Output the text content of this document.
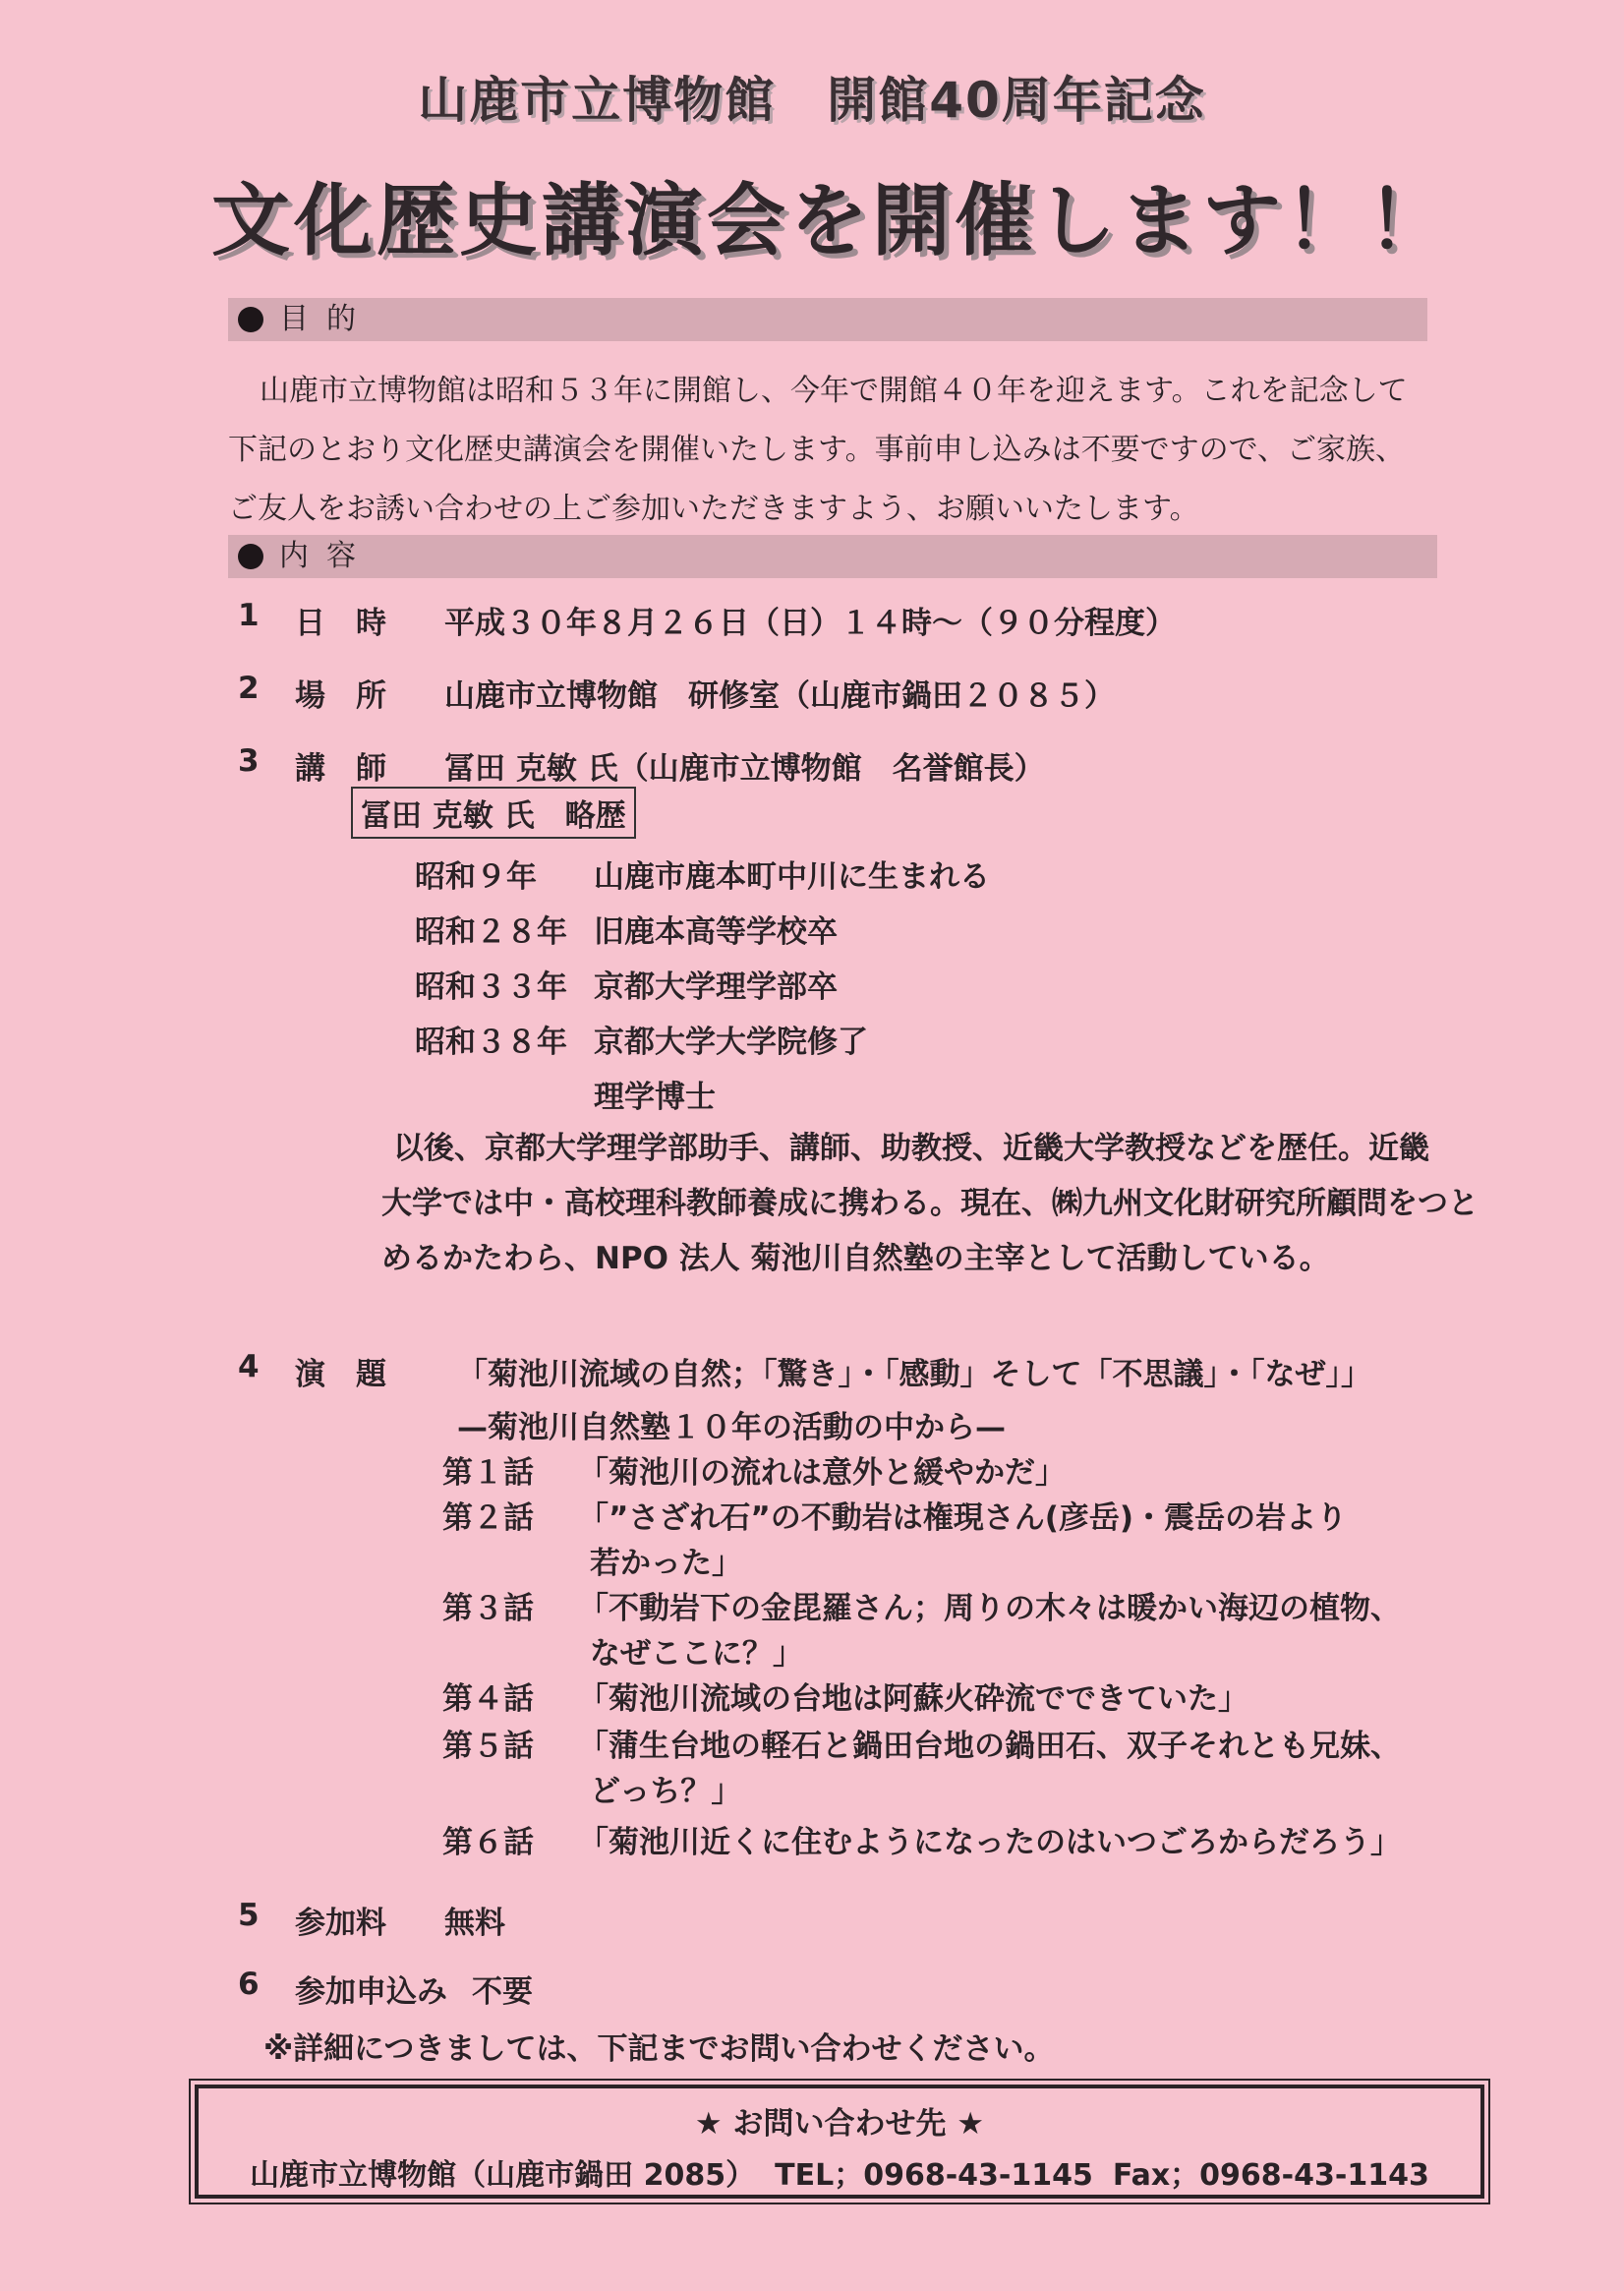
山鹿市立博物館　開館40周年記念
文化歴史講演会を開催します！！
目的
山鹿市立博物館は昭和５３年に開館し、今年で開館４０年を迎えます。これを記念して
下記のとおり文化歴史講演会を開催いたします。事前申し込みは不要ですので、ご家族、
ご友人をお誘い合わせの上ご参加いただきますよう、お願いいたします。
内容
1 日　時 平成３０年８月２６日（日）１４時～（９０分程度）
2 場　所 山鹿市立博物館　研修室（山鹿市鍋田２０８５）
3 講　師 冨田 克敏 氏（山鹿市立博物館　名誉館長）
冨田 克敏 氏　略歴
昭和９年 山鹿市鹿本町中川に生まれる
昭和２８年 旧鹿本高等学校卒
昭和３３年 京都大学理学部卒
昭和３８年 京都大学大学院修了
理学博士
以後、京都大学理学部助手、講師、助教授、近畿大学教授などを歴任。近畿
大学では中・高校理科教師養成に携わる。現在、㈱九州文化財研究所顧問をつと
めるかたわら、NPO 法人 菊池川自然塾の主宰として活動している。
4 演　題 「菊池川流域の自然；「驚き」・「感動」そして「不思議」・「なぜ」」
—菊池川自然塾１０年の活動の中から—
第１話 「菊池川の流れは意外と緩やかだ」
第２話 「”さざれ石”の不動岩は権現さん(彦岳)・震岳の岩より
若かった」
第３話 「不動岩下の金毘羅さん；周りの木々は暖かい海辺の植物、
なぜここに？」
第４話 「菊池川流域の台地は阿蘇火砕流でできていた」
第５話 「蒲生台地の軽石と鍋田台地の鍋田石、双子それとも兄妹、
どっち？」
第６話 「菊池川近くに住むようになったのはいつごろからだろう」
5 参加料 無料
6 参加申込み 不要
※詳細につきましては、下記までお問い合わせください。
★ お問い合わせ先 ★
山鹿市立博物館（山鹿市鍋田 2085） TEL；0968-43-1145 Fax；0968-43-1143
